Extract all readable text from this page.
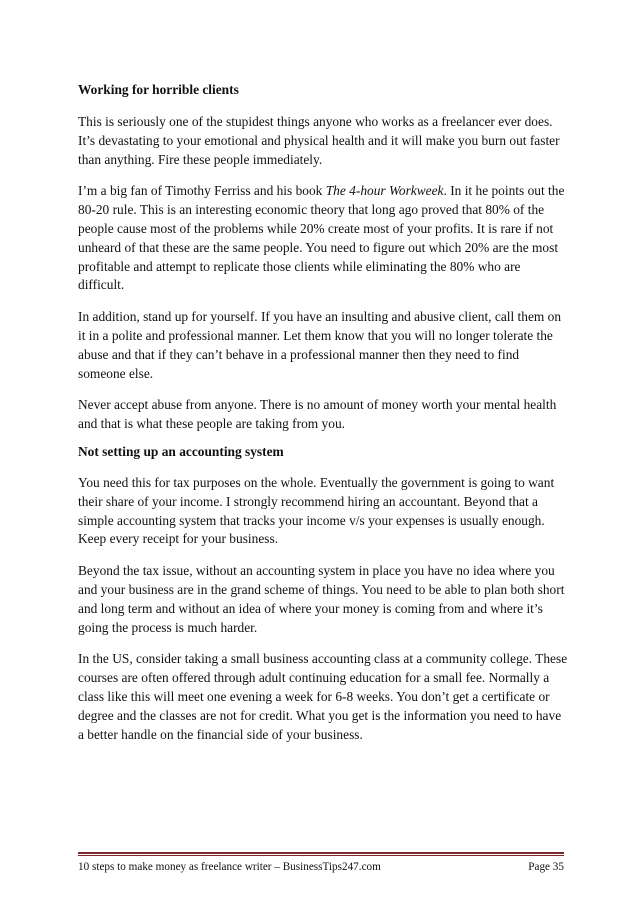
Working for horrible clients

This is seriously one of the stupidest things anyone who works as a freelancer ever does. It’s devastating to your emotional and physical health and it will make you burn out faster than anything. Fire these people immediately.

I’m a big fan of Timothy Ferriss and his book The 4-hour Workweek. In it he points out the 80-20 rule. This is an interesting economic theory that long ago proved that 80% of the people cause most of the problems while 20% create most of your profits. It is rare if not unheard of that these are the same people. You need to figure out which 20% are the most profitable and attempt to replicate those clients while eliminating the 80% who are difficult.

In addition, stand up for yourself. If you have an insulting and abusive client, call them on it in a polite and professional manner. Let them know that you will no longer tolerate the abuse and that if they can’t behave in a professional manner then they need to find someone else.

Never accept abuse from anyone. There is no amount of money worth your mental health and that is what these people are taking from you.

Not setting up an accounting system

You need this for tax purposes on the whole. Eventually the government is going to want their share of your income. I strongly recommend hiring an accountant. Beyond that a simple accounting system that tracks your income v/s your expenses is usually enough. Keep every receipt for your business.

Beyond the tax issue, without an accounting system in place you have no idea where you and your business are in the grand scheme of things. You need to be able to plan both short and long term and without an idea of where your money is coming from and where it’s going the process is much harder.

In the US, consider taking a small business accounting class at a community college. These courses are often offered through adult continuing education for a small fee. Normally a class like this will meet one evening a week for 6-8 weeks. You don’t get a certificate or degree and the classes are not for credit. What you get is the information you need to have a better handle on the financial side of your business.

10 steps to make money as freelance writer – BusinessTips247.com	Page 35
